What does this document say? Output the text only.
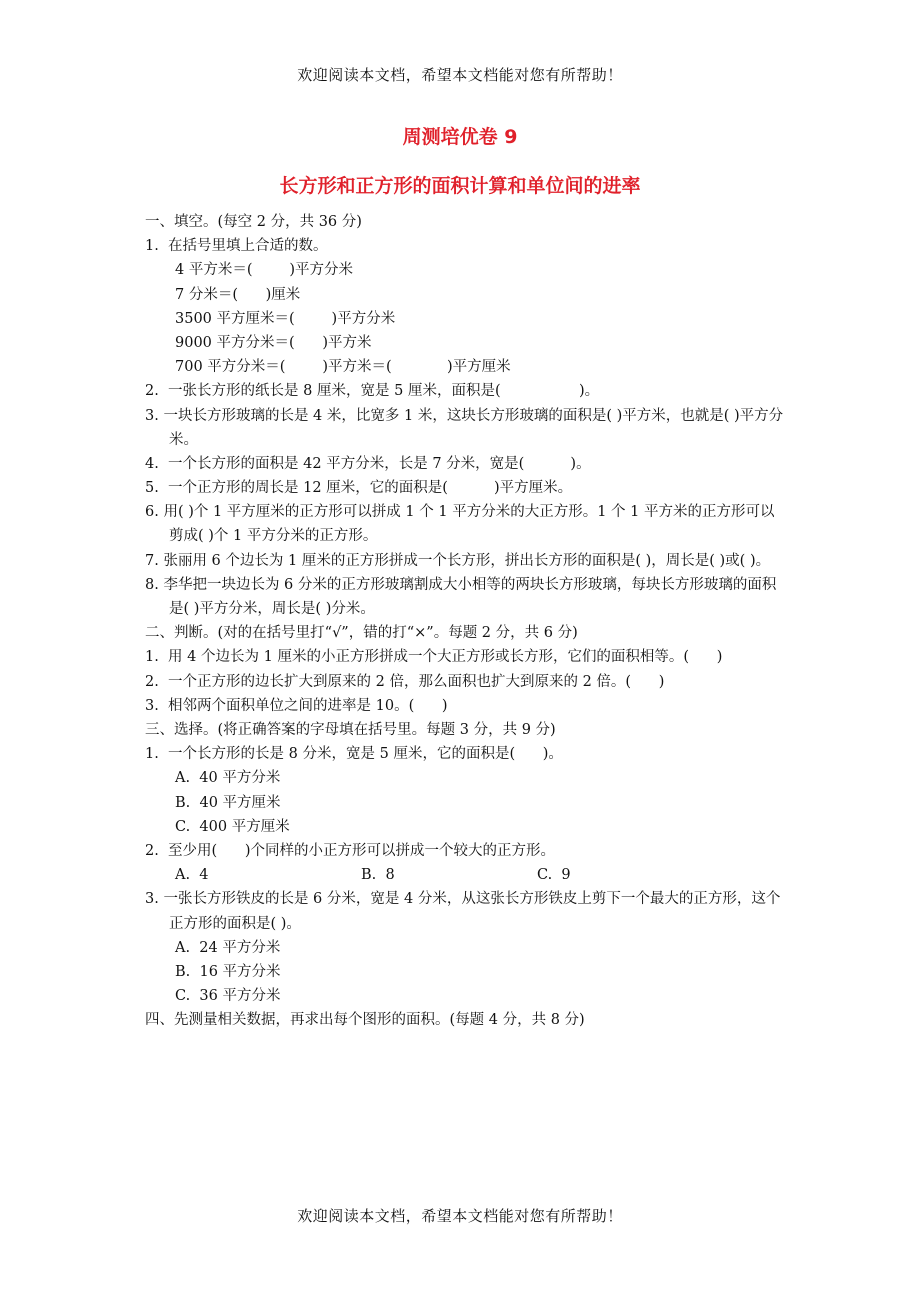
欢迎阅读本文档，希望本文档能对您有所帮助！
周测培优卷 9
长方形和正方形的面积计算和单位间的进率
一、填空。(每空 2 分，共 36 分)
1.  在括号里填上合适的数。
4 平方米＝(        )平方分米
7 分米＝(      )厘米
3500 平方厘米＝(        )平方分米
9000 平方分米＝(      )平方米
700 平方分米＝(        )平方米＝(            )平方厘米
2.  一张长方形的纸长是 8 厘米，宽是 5 厘米，面积是(                 )。
3. 一块长方形玻璃的长是 4 米，比宽多 1 米，这块长方形玻璃的面积是( )平方米，也就是( )平方分米。
4.  一个长方形的面积是 42 平方分米，长是 7 分米，宽是(          )。
5.  一个正方形的周长是 12 厘米，它的面积是(          )平方厘米。
6. 用( )个 1 平方厘米的正方形可以拼成 1 个 1 平方分米的大正方形。1 个 1 平方米的正方形可以剪成( )个 1 平方分米的正方形。
7. 张丽用 6 个边长为 1 厘米的正方形拼成一个长方形，拼出长方形的面积是( )，周长是( )或( )。
8. 李华把一块边长为 6 分米的正方形玻璃割成大小相等的两块长方形玻璃，每块长方形玻璃的面积是( )平方分米，周长是( )分米。
二、判断。(对的在括号里打“√”，错的打“×”。每题 2 分，共 6 分)
1.  用 4 个边长为 1 厘米的小正方形拼成一个大正方形或长方形，它们的面积相等。(      )
2.  一个正方形的边长扩大到原来的 2 倍，那么面积也扩大到原来的 2 倍。(      )
3.  相邻两个面积单位之间的进率是 10。(      )
三、选择。(将正确答案的字母填在括号里。每题 3 分，共 9 分)
1.  一个长方形的长是 8 分米，宽是 5 厘米，它的面积是(      )。
A.  40 平方分米
B.  40 平方厘米
C.  400 平方厘米
2.  至少用(      )个同样的小正方形可以拼成一个较大的正方形。
A.  4	B.  8	C.  9
3. 一张长方形铁皮的长是 6 分米，宽是 4 分米，从这张长方形铁皮上剪下一个最大的正方形，这个正方形的面积是( )。
A.  24 平方分米
B.  16 平方分米
C.  36 平方分米
四、先测量相关数据，再求出每个图形的面积。(每题 4 分，共 8 分)
欢迎阅读本文档，希望本文档能对您有所帮助！
